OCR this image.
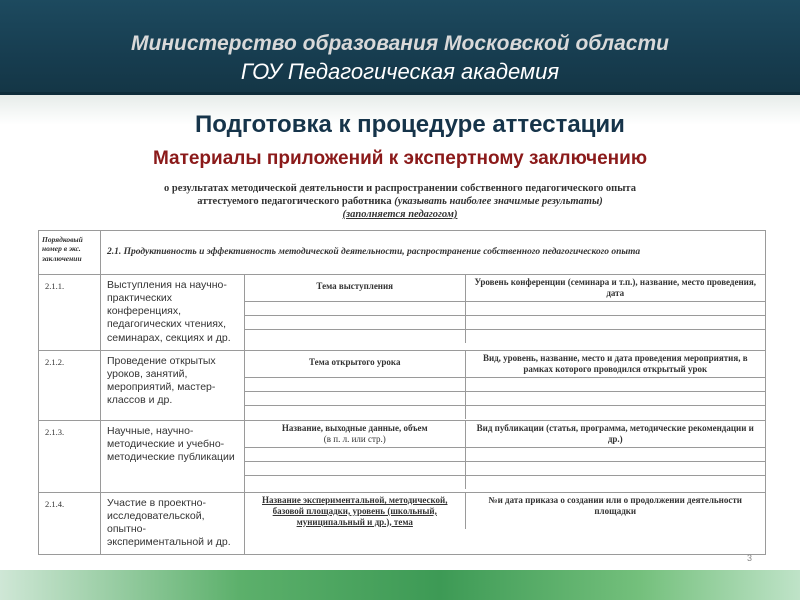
Министерство образования Московской области
ГОУ Педагогическая академия
Подготовка к процедуре аттестации
Материалы приложений к экспертному заключению
о результатах методической деятельности и распространении собственного педагогического опыта
аттестуемого педагогического работника (указывать наиболее значимые результаты)
(заполняется педагогом)
Порядковый номер в экс. заключении	2.1. Продуктивность и эффективность методической деятельности, распространение собственного педагогического опыта
2.1.1.	Выступления на научно-практических конференциях, педагогических чтениях, семинарах, секциях и др.	
Тема выступления	Уровень конференции (семинара и т.п.), название, место проведения, дата

2.1.2.	Проведение открытых уроков, занятий, мероприятий, мастер-классов и др.	
Тема открытого урока	Вид, уровень, название, место и дата проведения мероприятия, в рамках которого проводился открытый урок

2.1.3.	Научные, научно-методические и учебно-методические публикации	
Название, выходные данные, объем
(в п. л. или стр.)
	Вид публикации (статья, программа, методические рекомендации и др.)

2.1.4.	Участие в проектно-исследовательской, опытно-экспериментальной и др.	
Название экспериментальной, методической, базовой площадки, уровень (школьный, муниципальный и др.), тема	№и дата приказа о создании или о продолжении деятельности площадки
3
